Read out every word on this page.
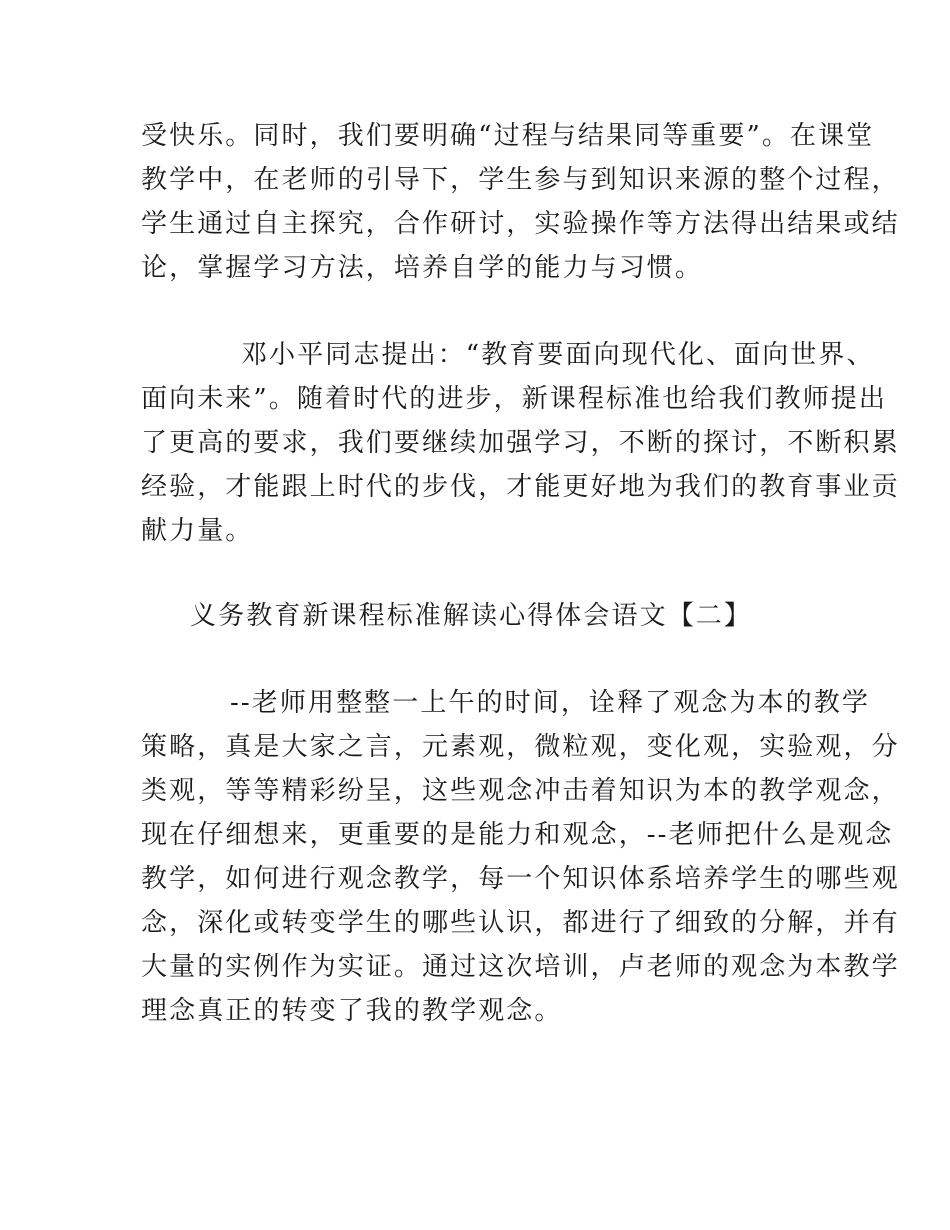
受快乐。同时，我们要明确“过程与结果同等重要”。在课堂
教学中，在老师的引导下，学生参与到知识来源的整个过程，
学生通过自主探究，合作研讨，实验操作等方法得出结果或结
论，掌握学习方法，培养自学的能力与习惯。
邓小平同志提出：“教育要面向现代化、面向世界、
面向未来”。随着时代的进步，新课程标准也给我们教师提出
了更高的要求，我们要继续加强学习，不断的探讨，不断积累
经验，才能跟上时代的步伐，才能更好地为我们的教育事业贡
献力量。
义务教育新课程标准解读心得体会语文【二】
--老师用整整一上午的时间，诠释了观念为本的教学
策略，真是大家之言，元素观，微粒观，变化观，实验观，分
类观，等等精彩纷呈，这些观念冲击着知识为本的教学观念，
现在仔细想来，更重要的是能力和观念，--老师把什么是观念
教学，如何进行观念教学，每一个知识体系培养学生的哪些观
念，深化或转变学生的哪些认识，都进行了细致的分解，并有
大量的实例作为实证。通过这次培训，卢老师的观念为本教学
理念真正的转变了我的教学观念。
